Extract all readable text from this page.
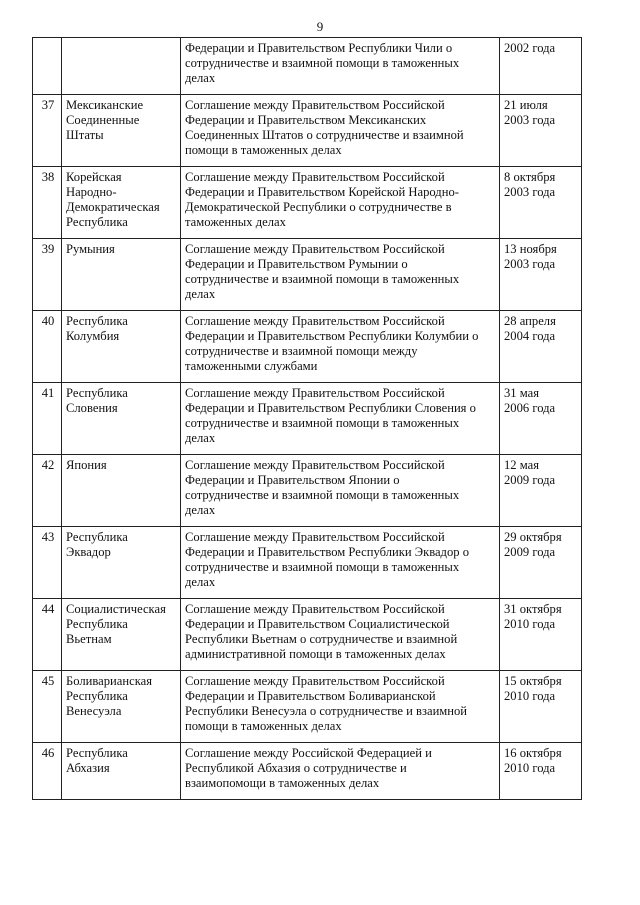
9
		Федерации и Правительством Республики Чили о
сотрудничестве и взаимной помощи в таможенных
делах	2002 года
37	Мексиканские
Соединенные
Штаты	Соглашение между Правительством Российской
Федерации и Правительством Мексиканских
Соединенных Штатов о сотрудничестве и взаимной
помощи в таможенных делах	21 июля
2003 года
38	Корейская
Народно-
Демократическая
Республика	Соглашение между Правительством Российской
Федерации и Правительством Корейской Народно-
Демократической Республики о сотрудничестве в
таможенных делах	8 октября
2003 года
39	Румыния	Соглашение между Правительством Российской
Федерации и Правительством Румынии о
сотрудничестве и взаимной помощи в таможенных
делах	13 ноября
2003 года
40	Республика
Колумбия	Соглашение между Правительством Российской
Федерации и Правительством Республики Колумбии о
сотрудничестве и взаимной помощи между
таможенными службами	28 апреля
2004 года
41	Республика
Словения	Соглашение между Правительством Российской
Федерации и Правительством Республики Словения о
сотрудничестве и взаимной помощи в таможенных
делах	31 мая
2006 года
42	Япония	Соглашение между Правительством Российской
Федерации и Правительством Японии о
сотрудничестве и взаимной помощи в таможенных
делах	12 мая
2009 года
43	Республика
Эквадор	Соглашение между Правительством Российской
Федерации и Правительством Республики Эквадор о
сотрудничестве и взаимной помощи в таможенных
делах	29 октября
2009 года
44	Социалистическая
Республика
Вьетнам	Соглашение между Правительством Российской
Федерации и Правительством Социалистической
Республики Вьетнам о сотрудничестве и взаимной
административной помощи в таможенных делах	31 октября
2010 года
45	Боливарианская
Республика
Венесуэла	Соглашение между Правительством Российской
Федерации и Правительством Боливарианской
Республики Венесуэла о сотрудничестве и взаимной
помощи в таможенных делах	15 октября
2010 года
46	Республика
Абхазия	Соглашение между Российской Федерацией и
Республикой Абхазия о сотрудничестве и
взаимопомощи в таможенных делах	16 октября
2010 года
